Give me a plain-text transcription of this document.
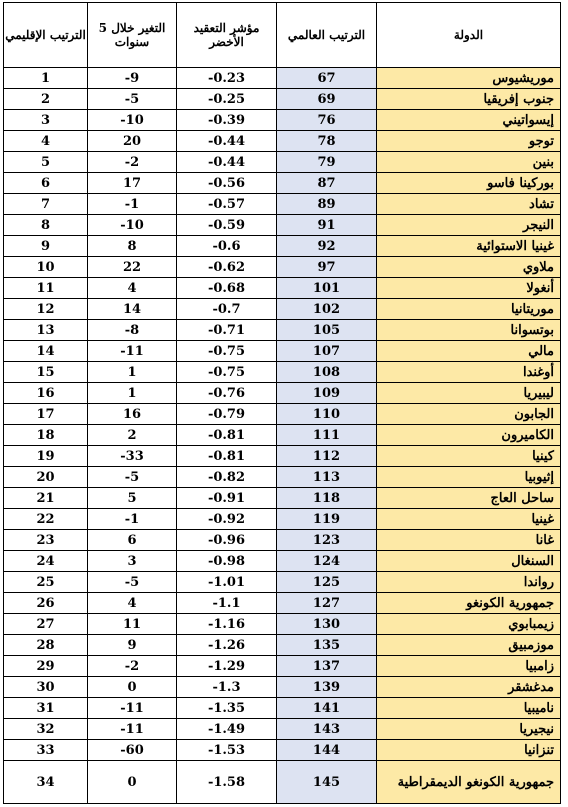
الترتيب الإقليمي	التغير خلال 5 سنوات	مؤشر التعقيد الأخضر	الترتيب العالمي	الدولة
1	-9	-0.23	67	موريشيوس
2	-5	-0.25	69	جنوب إفريقيا
3	-10	-0.39	76	إيسواتيني
4	20	-0.44	78	توجو
5	-2	-0.44	79	بنين
6	17	-0.56	87	بوركينا فاسو
7	-1	-0.57	89	تشاد
8	-10	-0.59	91	النيجر
9	8	-0.6	92	غينيا الاستوائية
10	22	-0.62	97	ملاوي
11	4	-0.68	101	أنغولا
12	14	-0.7	102	موريتانيا
13	-8	-0.71	105	بوتسوانا
14	-11	-0.75	107	مالي
15	1	-0.75	108	أوغندا
16	1	-0.76	109	ليبيريا
17	16	-0.79	110	الجابون
18	2	-0.81	111	الكاميرون
19	-33	-0.81	112	كينيا
20	-5	-0.82	113	إثيوبيا
21	5	-0.91	118	ساحل العاج
22	-1	-0.92	119	غينيا
23	6	-0.96	123	غانا
24	3	-0.98	124	السنغال
25	-5	-1.01	125	رواندا
26	4	-1.1	127	جمهورية الكونغو
27	11	-1.16	130	زيمبابوي
28	9	-1.26	135	موزمبيق
29	-2	-1.29	137	زامبيا
30	0	-1.3	139	مدغشقر
31	-11	-1.35	141	ناميبيا
32	-11	-1.49	143	نيجيريا
33	-60	-1.53	144	تنزانيا
34	0	-1.58	145	جمهورية الكونغو الديمقراطية
